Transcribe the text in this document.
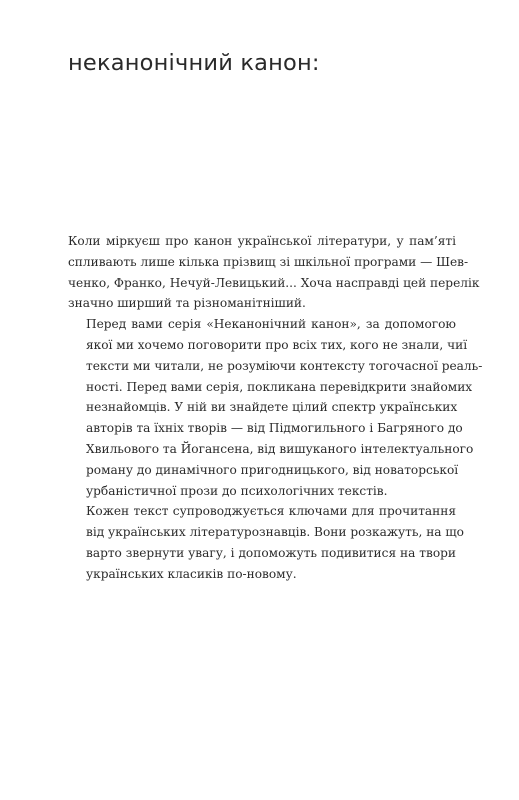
неканонічний канон:

Коли міркуєш про канон української літератури, у пам’яті
спливають лише кілька прізвищ зі шкільної програми — Шев-
ченко, Франко, Нечуй-Левицький... Хоча насправді цей перелік
значно ширший та різноманітніший.

Перед вами серія «Неканонічний канон», за допомогою
якої ми хочемо поговорити про всіх тих, кого не знали, чиї
тексти ми читали, не розуміючи контексту тогочасної реаль-
ності. Перед вами серія, покликана перевідкрити знайомих
незнайомців. У ній ви знайдете цілий спектр українських
авторів та їхніх творів — від Підмогильного і Багряного до
Хвильового та Йогансена, від вишуканого інтелектуального
роману до динамічного пригодницького, від новаторської
урбаністичної прози до психологічних текстів.

Кожен текст супроводжується ключами для прочитання
від українських літературознавців. Вони розкажуть, на що
варто звернути увагу, і допоможуть подивитися на твори
українських класиків по-новому.
